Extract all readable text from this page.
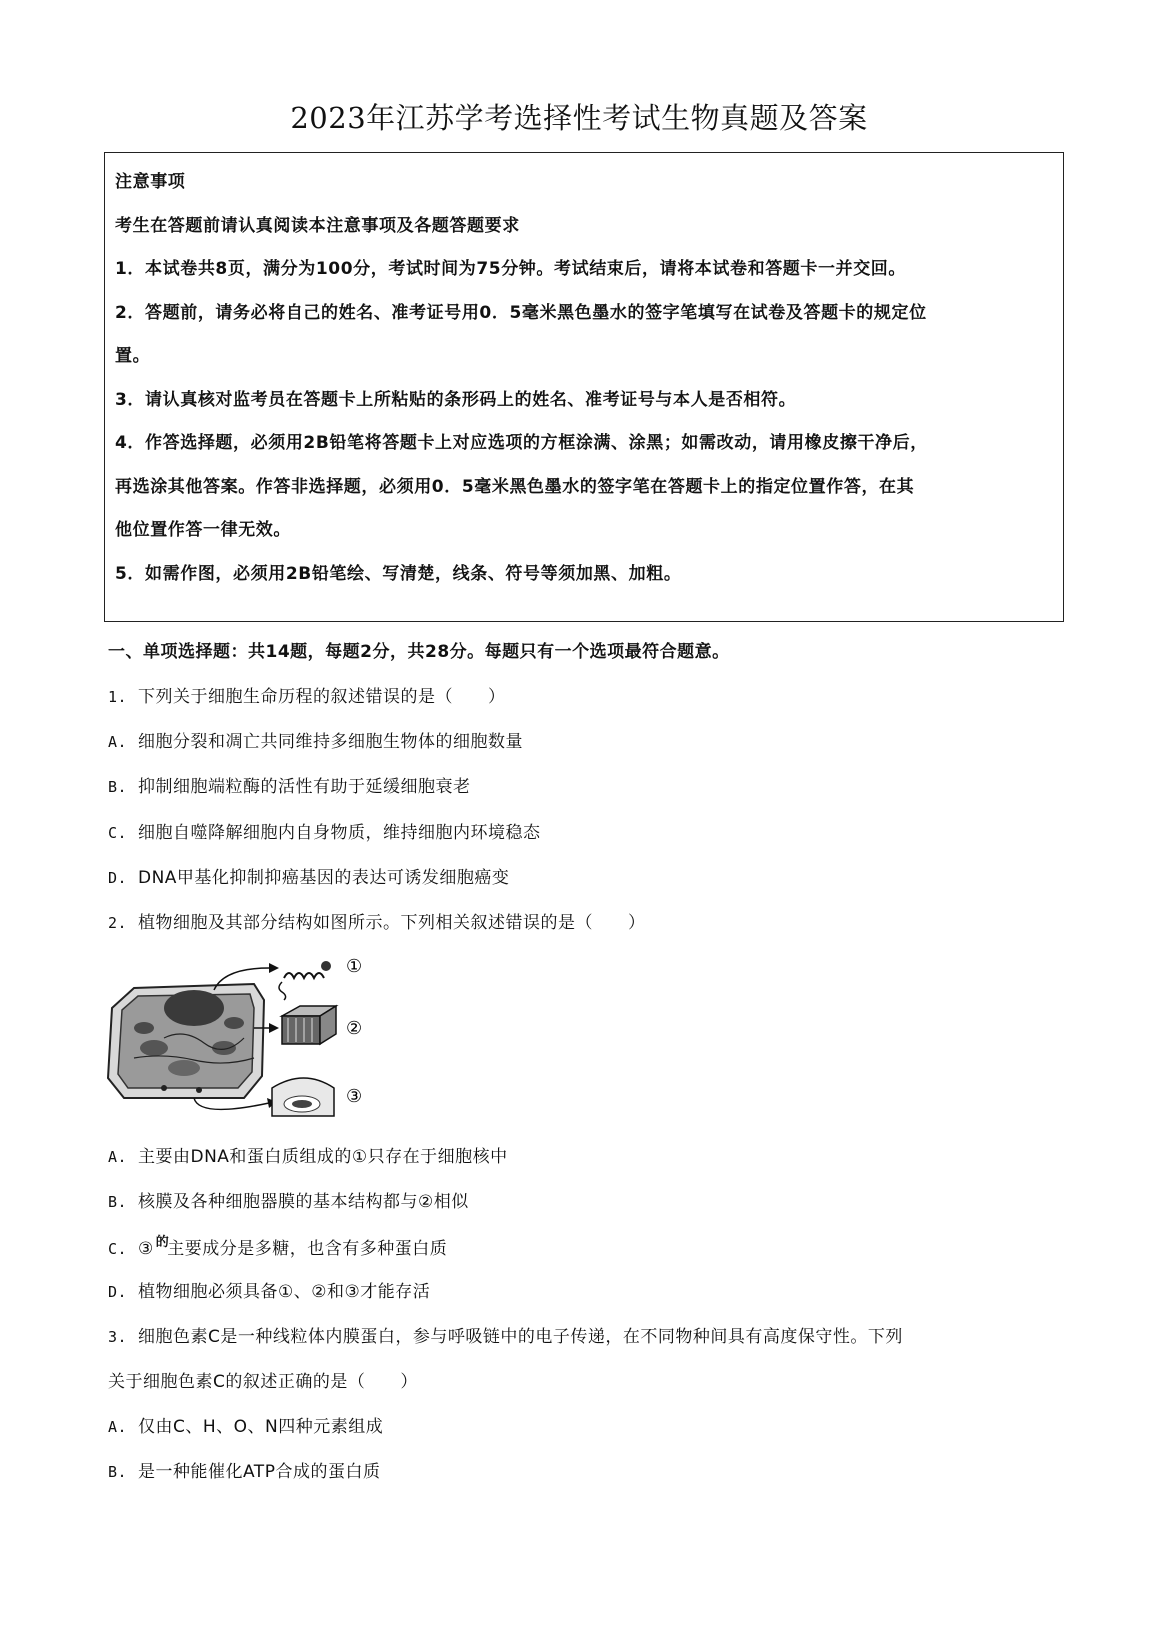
2023年江苏学考选择性考试生物真题及答案
注意事项
考生在答题前请认真阅读本注意事项及各题答题要求
1．本试卷共8页，满分为100分，考试时间为75分钟。考试结束后，请将本试卷和答题卡一并交回。
2．答题前，请务必将自己的姓名、准考证号用0．5毫米黑色墨水的签字笔填写在试卷及答题卡的规定位
置。
3．请认真核对监考员在答题卡上所粘贴的条形码上的姓名、准考证号与本人是否相符。
4．作答选择题，必须用2B铅笔将答题卡上对应选项的方框涂满、涂黑；如需改动，请用橡皮擦干净后，
再选涂其他答案。作答非选择题，必须用0．5毫米黑色墨水的签字笔在答题卡上的指定位置作答，在其
他位置作答一律无效。
5．如需作图，必须用2B铅笔绘、写清楚，线条、符号等须加黑、加粗。
一、单项选择题：共14题，每题2分，共28分。每题只有一个选项最符合题意。
1. 下列关于细胞生命历程的叙述错误的是（　　）
A. 细胞分裂和凋亡共同维持多细胞生物体的细胞数量
B. 抑制细胞端粒酶的活性有助于延缓细胞衰老
C. 细胞自噬降解细胞内自身物质，维持细胞内环境稳态
D. DNA甲基化抑制抑癌基因的表达可诱发细胞癌变
2. 植物细胞及其部分结构如图所示。下列相关叙述错误的是（　　）
①
②
③
A. 主要由DNA和蛋白质组成的①只存在于细胞核中
B. 核膜及各种细胞器膜的基本结构都与②相似
C. ③ $^的$主要成分是多糖，也含有多种蛋白质
D. 植物细胞必须具备①、②和③才能存活
3. 细胞色素C是一种线粒体内膜蛋白，参与呼吸链中的电子传递，在不同物种间具有高度保守性。下列
关于细胞色素C的叙述正确的是（　　）
A. 仅由C、H、O、N四种元素组成
B. 是一种能催化ATP合成的蛋白质
